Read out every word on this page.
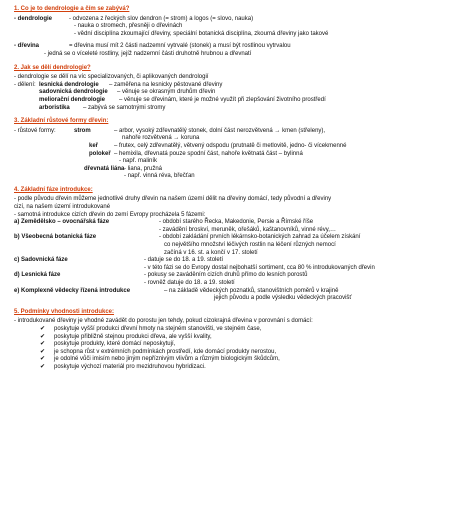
1. Co je to dendrologie a čím se zabývá?
- dendrologie	- odvozena z řeckých slov dendron (= strom) a logos (= slovo, nauka)
- nauka o stromech, přesněji o dřevinách
- vědní disciplína zkoumající dřeviny, speciální botanická disciplína, zkoumá dřeviny jako takové
- dřevina	= dřevina musí mít 2 části nadzemní vytrvalé (stonek) a musí být rostlinou vytrvalou
- jedná se o víceleté rostliny, jejíž nadzemní části druhotně hrubnou a dřevnatí
2. Jak se dělí dendrologie?
- dendrologie se dělí na víc specializovaných, či aplikovaných dendrologií
- dělení: lesnická dendrologie	– zaměřena na lesnicky pěstované dřeviny
sadovnická dendrologie	– věnuje se okrasným druhům dřevin
meliorační dendrologie	– věnuje se dřevinám, které je možné využít při zlepšování životního prostředí
arboristika	– zabývá se samotnými stromy
3. Základní růstové formy dřevin:
- růstové formy:	strom	– arbor, vysoký zdřevnatělý stonek, dolní část nerozvětvená → kmen (střeleny),
nahoře rozvětvená → koruna
keř	– frutex, celý zdřevnatělý, větvený odspodu (prutnatě či metlovitě, jedno- či vícekmenné
polokeř – hemixila, dřevnatá pouze spodní část, nahoře květnatá část – bylinná
- např. maliník
dřevnatá liána - liana, pružná
- např. vinná réva, břečťan
4. Základní fáze introdukce:
- podle původu dřevin můžeme jednotlivé druhy dřevin na našem území dělit na dřeviny domácí, tedy původní a dřeviny
cizí, na našem území introdukované
- samotná introdukce cizích dřevin do zemí Evropy procházela 5 fázemi:
a) Zemědělsko – ovocnářská fáze	- období starého Řecka, Makedonie, Persie a Římské říše
- zavádění broskví, meruněk, ořešáků, kaštanovníků, vinné révy,…
b) Všeobecná botanická fáze	- období zakládání prvních lékárnsko-botanických zahrad za účelem získání
co největšího množství léčivých rostlin na léčení různých nemocí
začíná v 16. st. a končí v 17. století
c) Sadovnická fáze	- datuje se do 18. a 19. století
- v této fázi se do Evropy dostal nejbohatší sortiment, cca 80 % introdukovaných dřevin
d) Lesnická fáze	- pokusy se zaváděním cizích druhů přímo do lesních porostů
- rovněž datuje do 18. a 19. století
e) Komplexně vědecky řízená introdukce	– na základě vědeckých poznatků, stanovištních poměrů v krajině
jejich původu a podle výsledku vědeckých pracovišť
5. Podmínky vhodnosti introdukce:
- introdukované dřeviny je vhodné zavádět do porostu jen tehdy, pokud cizokrajná dřevina v porovnání s domácí:
✔	poskytuje vyšší produkci dřevní hmoty na stejném stanovišti, ve stejném čase,
✔	poskytuje přibližně stejnou produkci dřeva, ale vyšší kvality,
✔	poskytuje produkty, které domácí neposkytují,
✔	je schopna růst v extrémních podmínkách prostředí, kde domácí produkty nerostou,
✔	je odolné vůči imisím nebo jiným nepříznivým vlivům a různým biologickým škůdcům,
✔	poskytuje výchozí materiál pro mezidruhovou hybridizaci.
